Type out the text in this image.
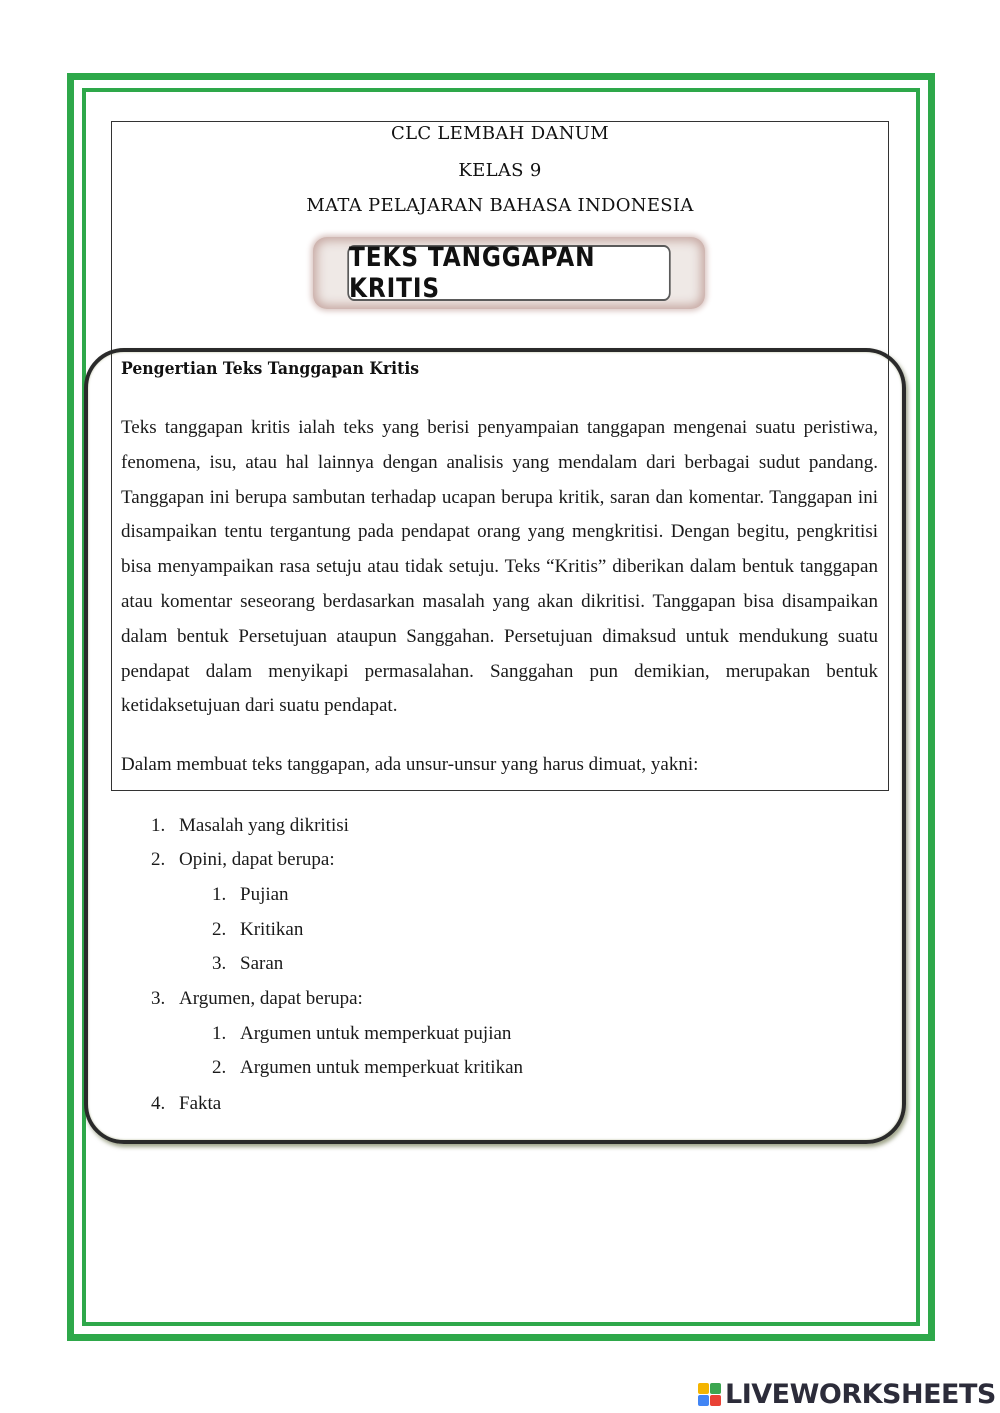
CLC LEMBAH DANUM
KELAS 9
MATA PELAJARAN BAHASA INDONESIA
TEKS TANGGAPAN KRITIS
Pengertian Teks Tanggapan Kritis
Teks tanggapan kritis ialah teks yang berisi penyampaian tanggapan mengenai suatu peristiwa, fenomena, isu, atau hal lainnya dengan analisis yang mendalam dari berbagai sudut pandang. Tanggapan ini berupa sambutan terhadap ucapan berupa kritik, saran dan komentar. Tanggapan ini disampaikan tentu tergantung pada pendapat orang yang mengkritisi. Dengan begitu, pengkritisi bisa menyampaikan rasa setuju atau tidak setuju. Teks “Kritis” diberikan dalam bentuk tanggapan atau komentar seseorang berdasarkan masalah yang akan dikritisi. Tanggapan bisa disampaikan dalam bentuk Persetujuan ataupun Sanggahan. Persetujuan dimaksud untuk mendukung suatu pendapat dalam menyikapi permasalahan. Sanggahan pun demikian, merupakan bentuk ketidaksetujuan dari suatu pendapat.
Dalam membuat teks tanggapan, ada unsur-unsur yang harus dimuat, yakni:
1. Masalah yang dikritisi
2. Opini, dapat berupa:
1. Pujian
2. Kritikan
3. Saran
3. Argumen, dapat berupa:
1. Argumen untuk memperkuat pujian
2. Argumen untuk memperkuat kritikan
4. Fakta
LIVEWORKSHEETS
